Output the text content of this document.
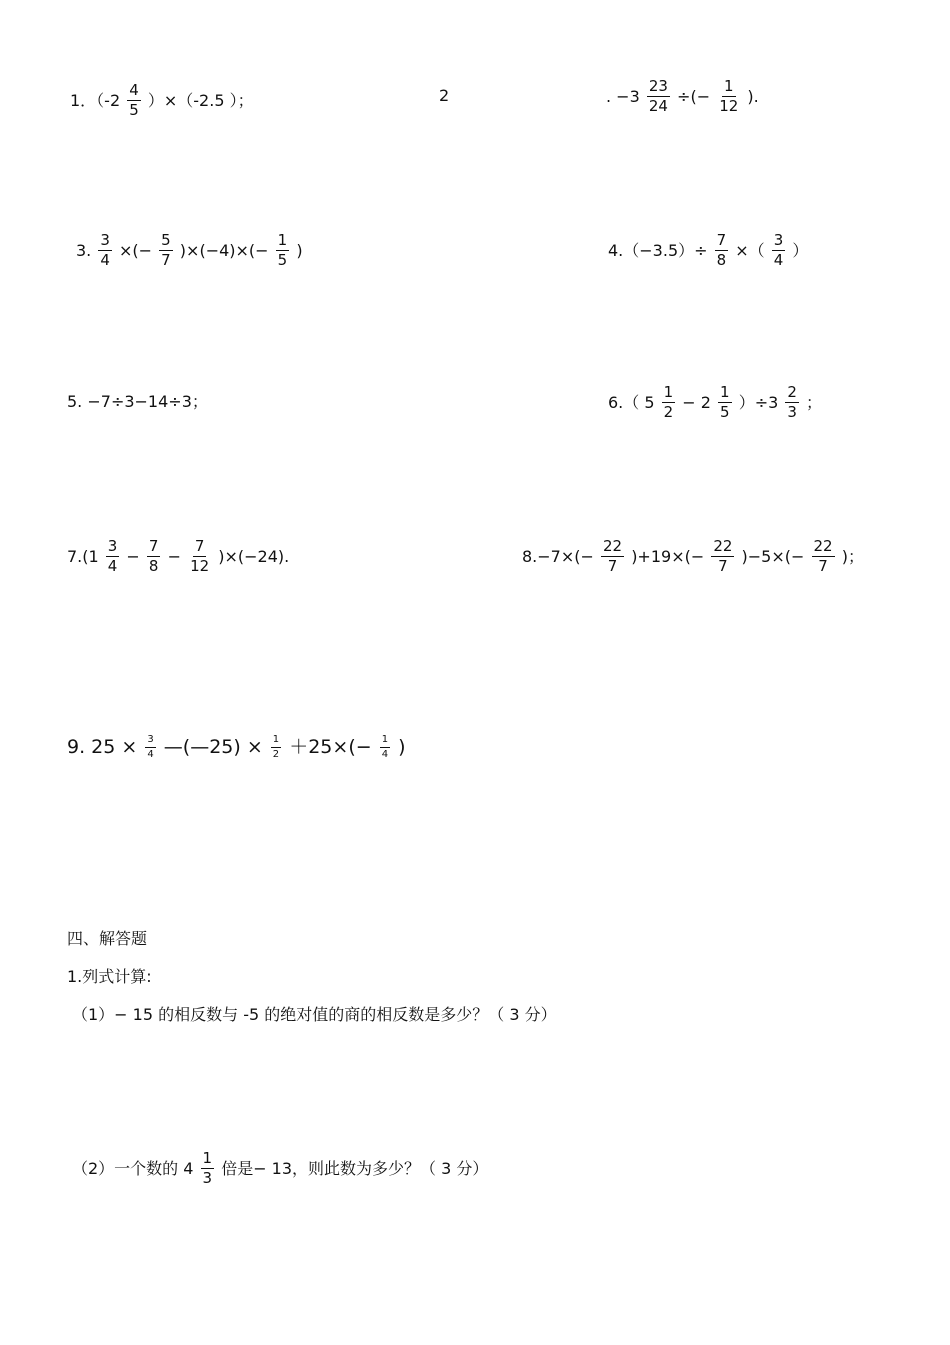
1．$(-2 \frac{4}{5} )\times(-2.5$ ）；	2	. $-3 \frac{23}{24}$ ÷(− $\frac{1}{12}$ ).
3. $\frac{3}{4}$ ×(− $\frac{5}{7} )\times(-4)\times(- \frac{1}{5}$ )	$4.(-3.5)\div \frac{7}{8}$ ×（ $\frac{3}{4}$ ）
5. −7÷3−14÷3；	6.（ $5 \frac{1}{2} - 2 \frac{1}{5} )\div 3 \frac{2}{3}$ ；
$7.(1 \frac{3}{4} - \frac{7}{8} - \frac{7}{12} )\times(-24)$.	$8.-7\times(- \frac{22}{7} )+19\times(- \frac{22}{7} )-5\times(- \frac{22}{7}$ )；
9. $25 \times \frac{3}{4}$ —(—25) × $\frac{1}{2} +25\times(- \frac{1}{4}$ )
四、解答题
1.列式计算:
（1）− 15 的相反数与 -5 的绝对值的商的相反数是多少？（ 3 分）
（2）一个数的 $4 \frac{1}{3}$ 倍是− 13，则此数为多少？（ 3 分）
